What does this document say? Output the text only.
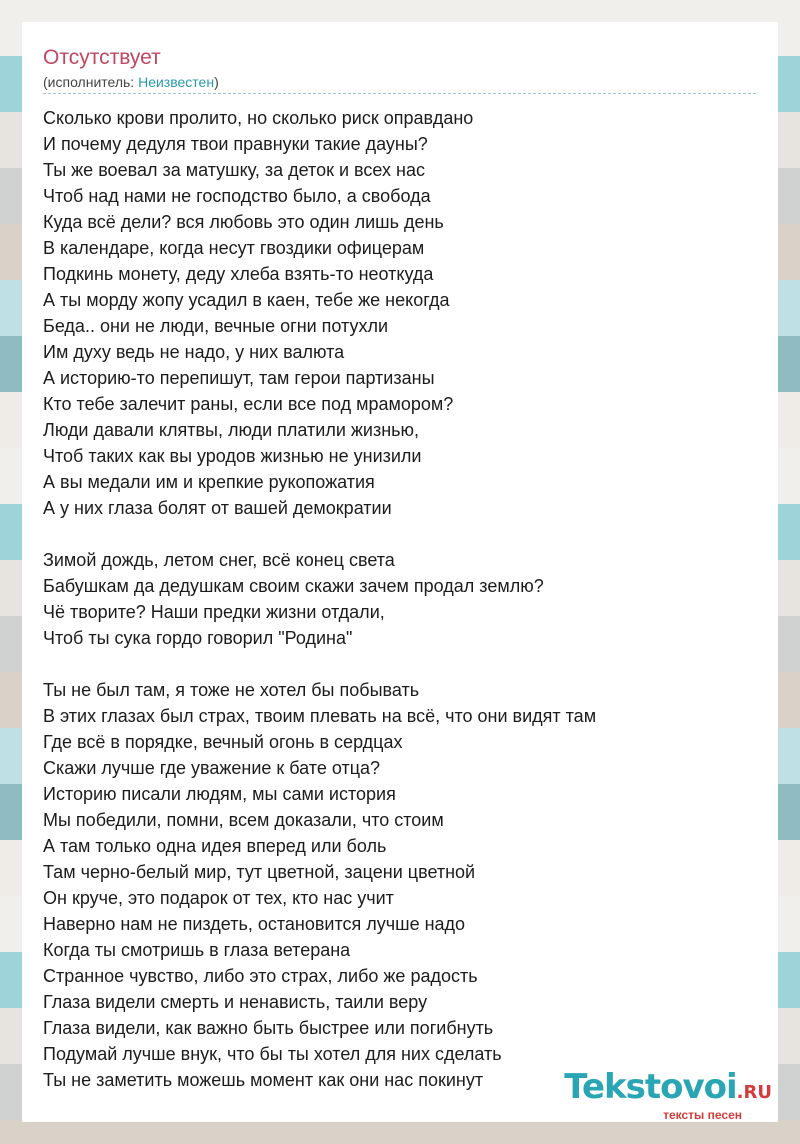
Отсутствует
(исполнитель: Неизвестен)
Сколько крови пролито, но сколько риск оправдано
И почему дедуля твои правнуки такие дауны?
Ты же воевал за матушку, за деток и всех нас
Чтоб над нами не господство было, а свобода
Куда всё дели? вся любовь это один лишь день
В календаре, когда несут гвоздики офицерам
Подкинь монету, деду хлеба взять-то неоткуда
А ты морду жопу усадил в каен, тебе же некогда
Беда.. они не люди, вечные огни потухли
Им духу ведь не надо, у них валюта
А историю-то перепишут, там герои партизаны
Кто тебе залечит раны, если все под мрамором?
Люди давали клятвы, люди платили жизнью,
Чтоб таких как вы уродов жизнью не унизили
А вы медали им и крепкие рукопожатия
А у них глаза болят от вашей демократии
Зимой дождь, летом снег, всё конец света
Бабушкам да дедушкам своим скажи зачем продал землю?
Чё творите? Наши предки жизни отдали,
Чтоб ты сука гордо говорил "Родина"
Ты не был там, я тоже не хотел бы побывать
В этих глазах был страх, твоим плевать на всё, что они видят там
Где всё в порядке, вечный огонь в сердцах
Скажи лучше где уважение к бате отца?
Историю писали людям, мы сами история
Мы победили, помни, всем доказали, что стоим
А там только одна идея вперед или боль
Там черно-белый мир, тут цветной, зацени цветной
Он круче, это подарок от тех, кто нас учит
Наверно нам не пиздеть, остановится лучше надо
Когда ты смотришь в глаза ветерана
Странное чувство, либо это страх, либо же радость
Глаза видели смерть и ненависть, таили веру
Глаза видели, как важно быть быстрее или погибнуть
Подумай лучше внук, что бы ты хотел для них сделать
Ты не заметить можешь момент как они нас покинут	Tekstovoi.RU
тексты песен
